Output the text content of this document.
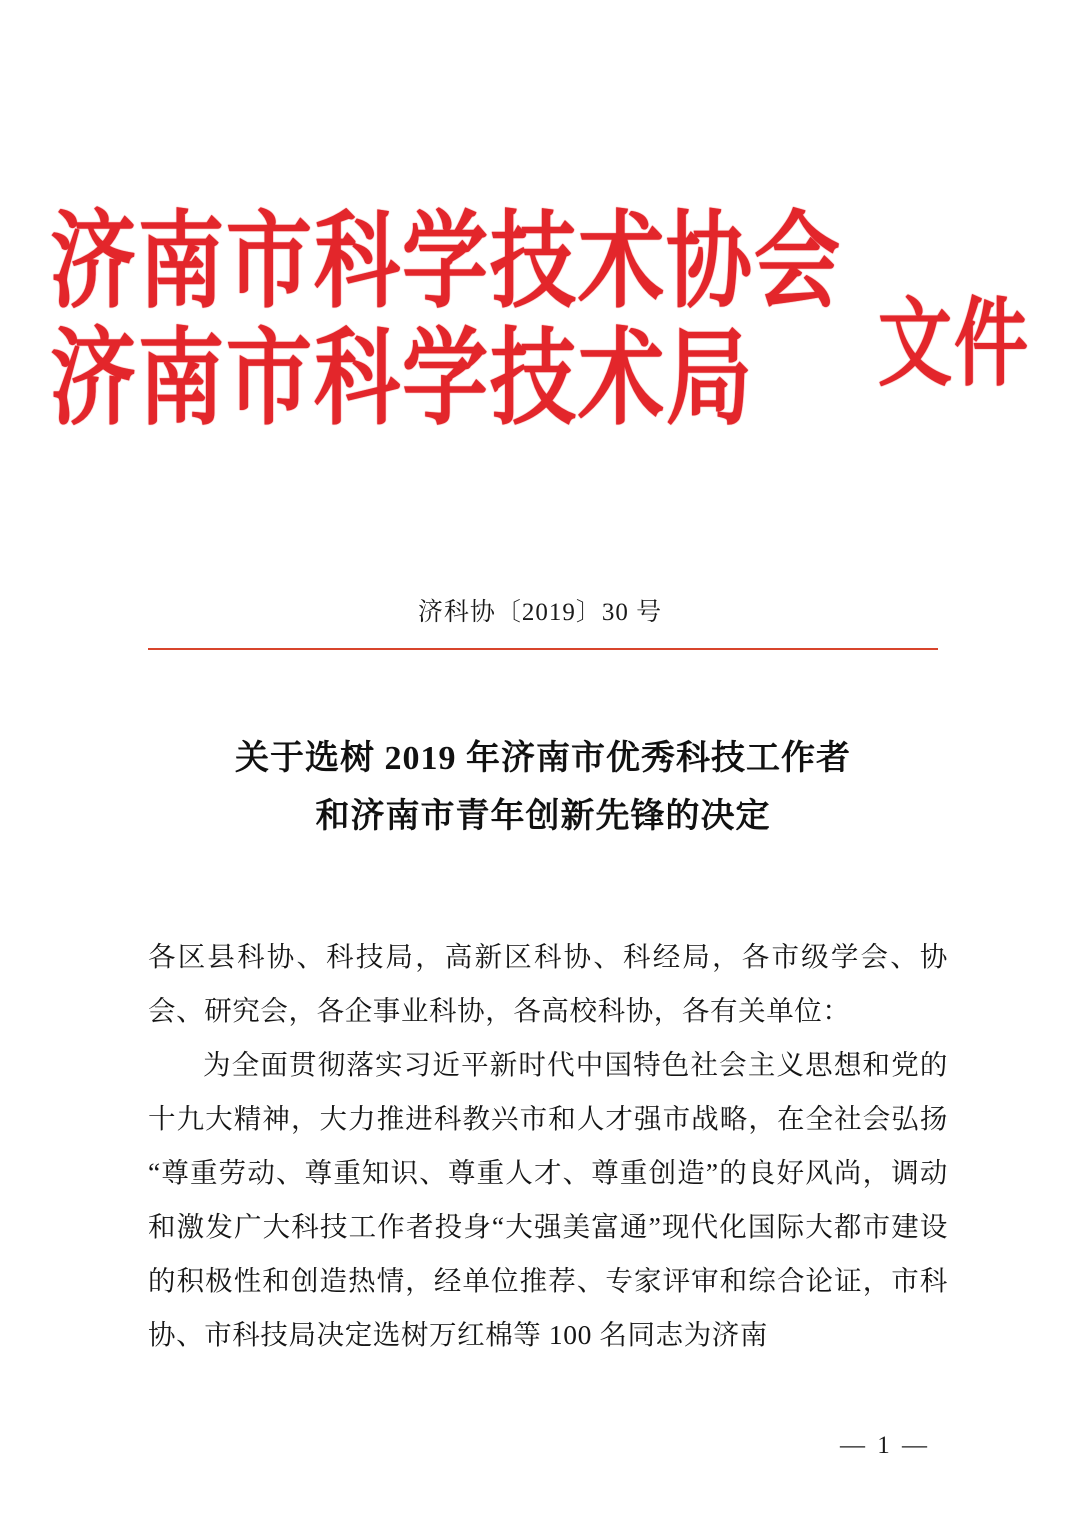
济南市科学技术协会
济南市科学技术局 文件
济科协〔2019〕30 号
关于选树 2019 年济南市优秀科技工作者
和济南市青年创新先锋的决定

各区县科协、科技局，高新区科协、科经局，各市级学会、协会、研究会，各企事业科协，各高校科协，各有关单位：

为全面贯彻落实习近平新时代中国特色社会主义思想和党的十九大精神，大力推进科教兴市和人才强市战略，在全社会弘扬“尊重劳动、尊重知识、尊重人才、尊重创造”的良好风尚，调动和激发广大科技工作者投身“大强美富通”现代化国际大都市建设的积极性和创造热情，经单位推荐、专家评审和综合论证，市科协、市科技局决定选树万红棉等 100 名同志为济南

— 1 —
